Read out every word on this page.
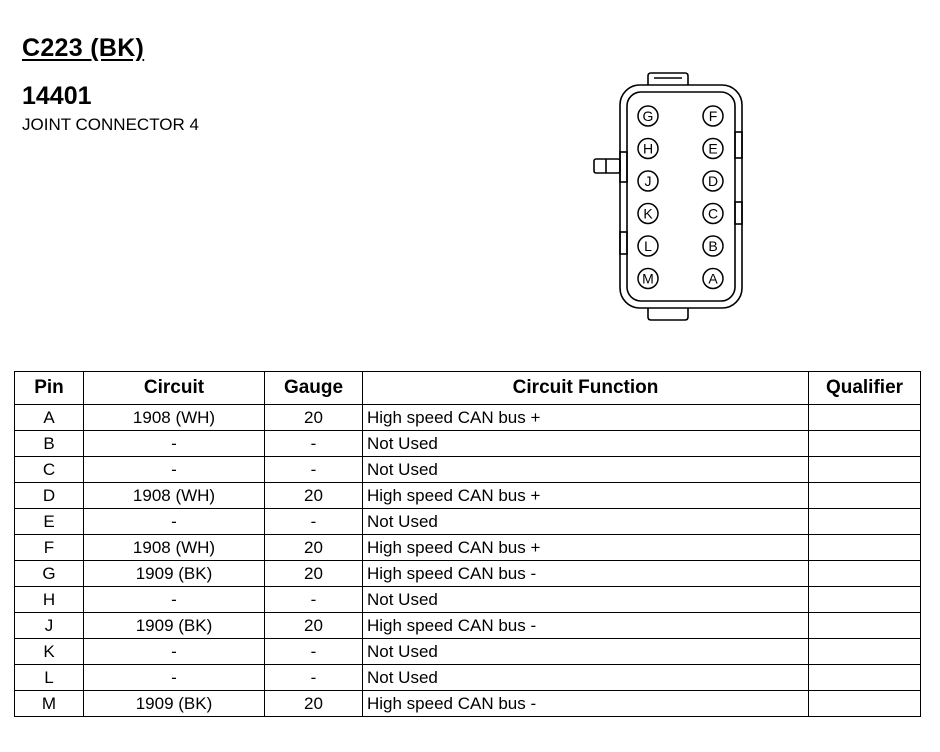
C223 (BK)
14401
JOINT CONNECTOR 4	G
H
J
K
L
M
F
E
D
C
B
A
Pin	Circuit	Gauge	Circuit Function	Qualifier
A	1908 (WH)	20	High speed CAN bus +	
B	-	-	Not Used	
C	-	-	Not Used	
D	1908 (WH)	20	High speed CAN bus +	
E	-	-	Not Used	
F	1908 (WH)	20	High speed CAN bus +	
G	1909 (BK)	20	High speed CAN bus -	
H	-	-	Not Used	
J	1909 (BK)	20	High speed CAN bus -	
K	-	-	Not Used	
L	-	-	Not Used	
M	1909 (BK)	20	High speed CAN bus -	
